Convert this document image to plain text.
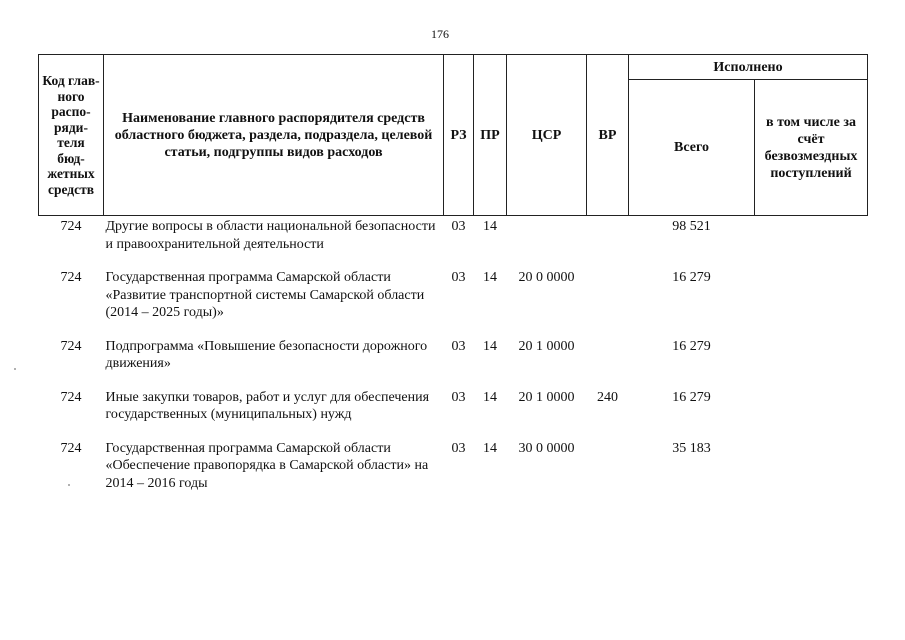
176
Код глав-ного распо-ряди-теля бюд-жетных средств	Наименование главного распорядителя средств областного бюджета, раздела, подраздела, целевой статьи, подгруппы видов расходов	РЗ	ПР	ЦСР	ВР	Исполнено	
						Всего	в том числе за счёт безвозмездных поступлений
724	Другие вопросы в области национальной безопасности и правоохранительной деятельности	03	14			98 521	
724	Государственная программа Самарской области «Развитие транспортной системы Самарской области (2014 – 2025 годы)»	03	14	20 0 0000		16 279	
724	Подпрограмма «Повышение безопасности дорожного движения»	03	14	20 1 0000		16 279	
724	Иные закупки товаров, работ и услуг для обеспечения государственных (муниципальных) нужд	03	14	20 1 0000	240	16 279	
724	Государственная программа Самарской области «Обеспечение правопорядка в Самарской области» на 2014 – 2016 годы	03	14	30 0 0000		35 183	
